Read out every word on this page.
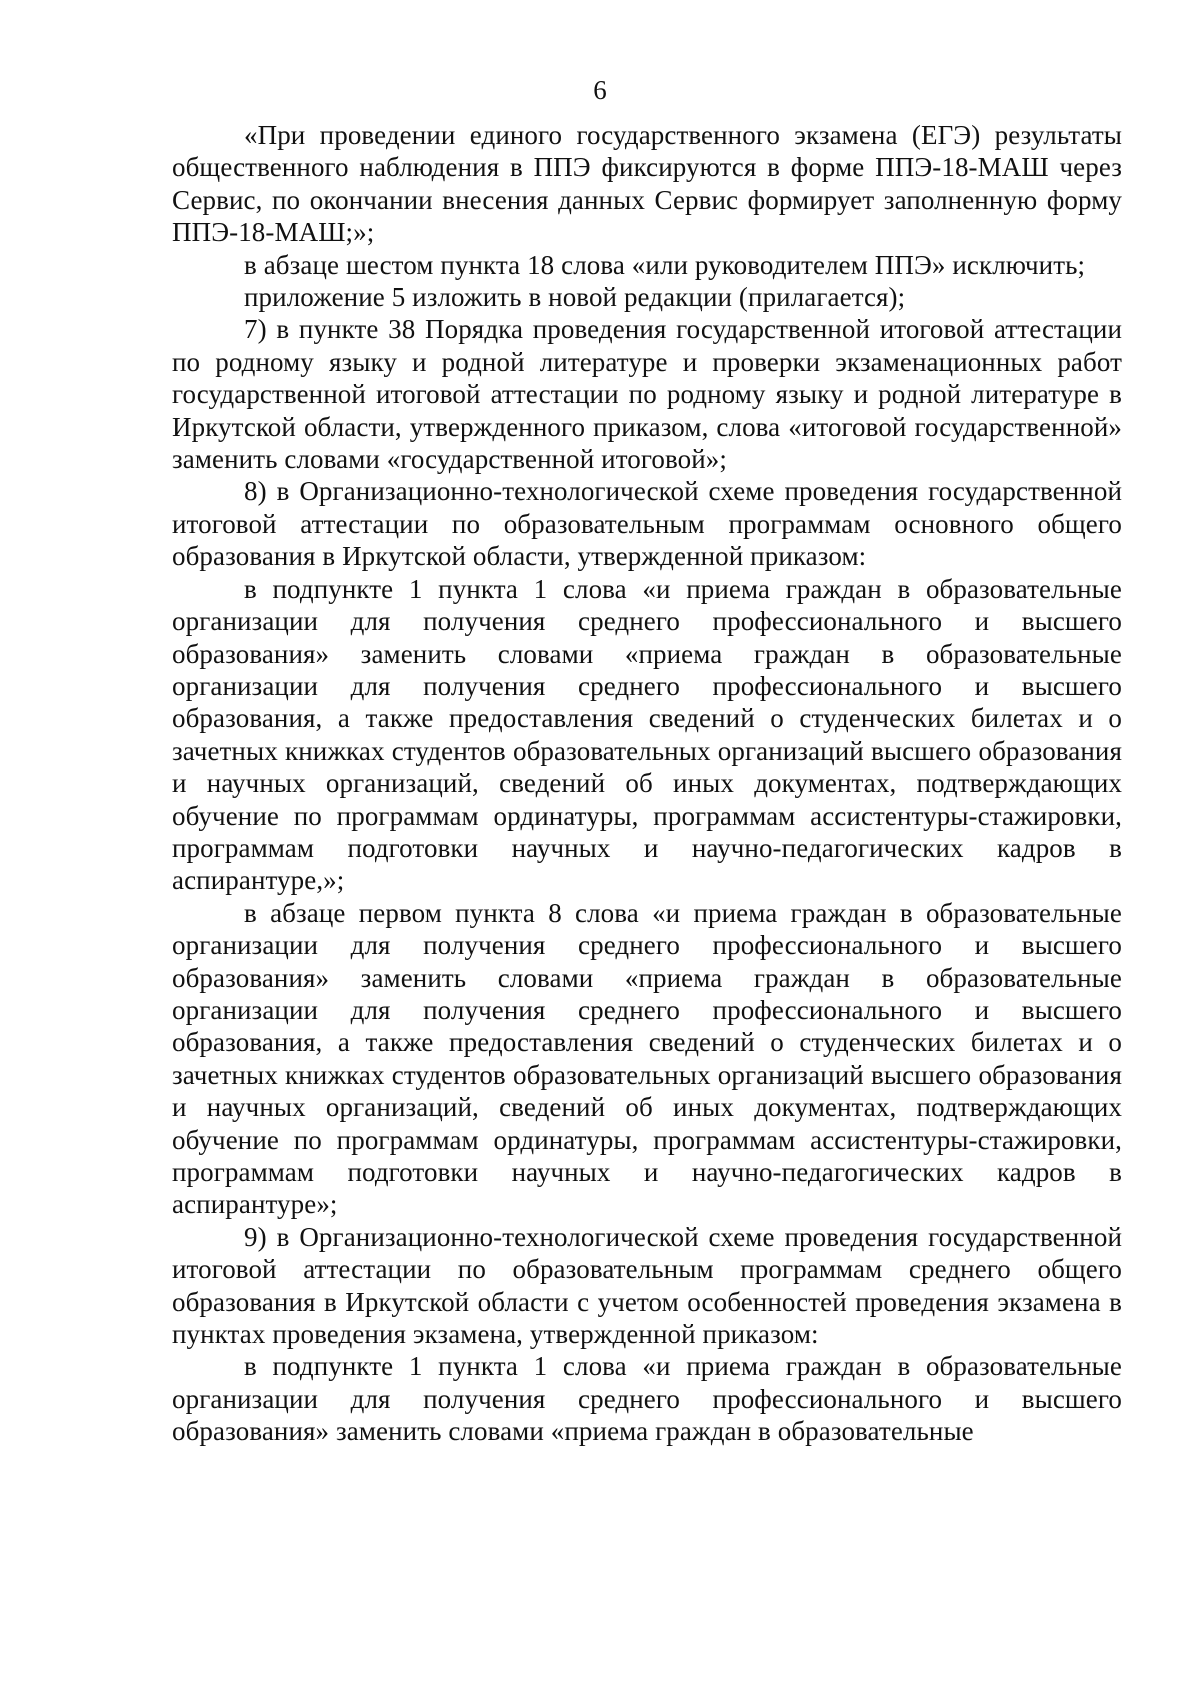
6

«При проведении единого государственного экзамена (ЕГЭ) результаты общественного наблюдения в ППЭ фиксируются в форме ППЭ-18-МАШ через Сервис, по окончании внесения данных Сервис формирует заполненную форму ППЭ-18-МАШ;»;

в абзаце шестом пункта 18 слова «или руководителем ППЭ» исключить;

приложение 5 изложить в новой редакции (прилагается);

7) в пункте 38 Порядка проведения государственной итоговой аттестации по родному языку и родной литературе и проверки экзаменационных работ государственной итоговой аттестации по родному языку и родной литературе в Иркутской области, утвержденного приказом, слова «итоговой государственной» заменить словами «государственной итоговой»;

8) в Организационно-технологической схеме проведения государственной итоговой аттестации по образовательным программам основного общего образования в Иркутской области, утвержденной приказом:

в подпункте 1 пункта 1 слова «и приема граждан в образовательные организации для получения среднего профессионального и высшего образования» заменить словами «приема граждан в образовательные организации для получения среднего профессионального и высшего образования, а также предоставления сведений о студенческих билетах и о зачетных книжках студентов образовательных организаций высшего образования и научных организаций, сведений об иных документах, подтверждающих обучение по программам ординатуры, программам ассистентуры-стажировки, программам подготовки научных и научно-педагогических кадров в аспирантуре,»;

в абзаце первом пункта 8 слова «и приема граждан в образовательные организации для получения среднего профессионального и высшего образования» заменить словами «приема граждан в образовательные организации для получения среднего профессионального и высшего образования, а также предоставления сведений о студенческих билетах и о зачетных книжках студентов образовательных организаций высшего образования и научных организаций, сведений об иных документах, подтверждающих обучение по программам ординатуры, программам ассистентуры-стажировки, программам подготовки научных и научно-педагогических кадров в аспирантуре»;

9) в Организационно-технологической схеме проведения государственной итоговой аттестации по образовательным программам среднего общего образования в Иркутской области с учетом особенностей проведения экзамена в пунктах проведения экзамена, утвержденной приказом:

в подпункте 1 пункта 1 слова «и приема граждан в образовательные организации для получения среднего профессионального и высшего образования» заменить словами «приема граждан в образовательные
